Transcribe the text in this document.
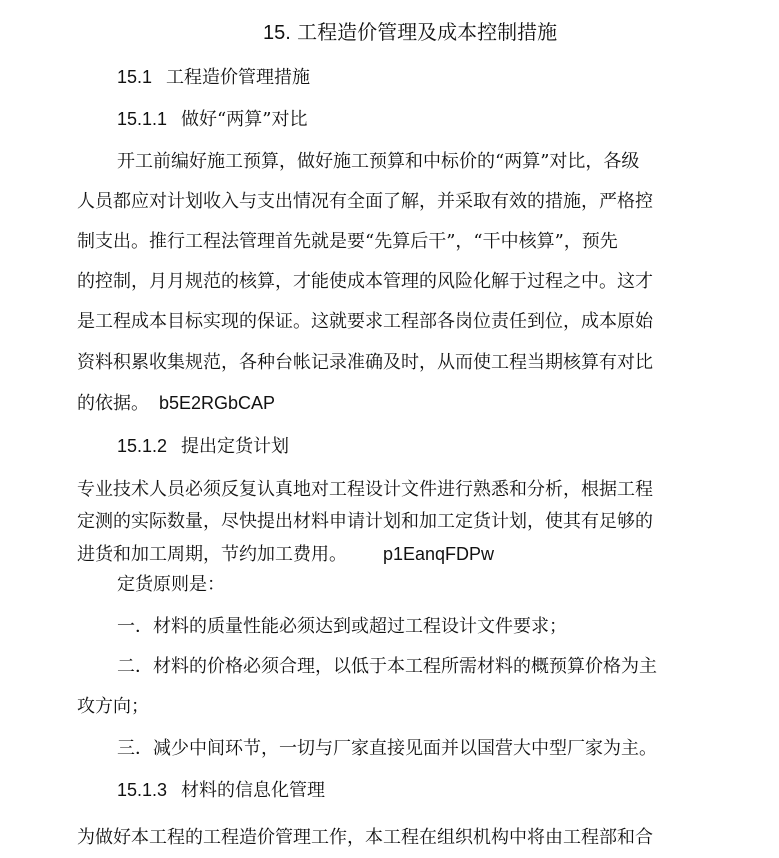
15. 工程造价管理及成本控制措施
15.1 工程造价管理措施
15.1.1 做好“两算”对比
开工前编好施工预算，做好施工预算和中标价的“两算”对比，各级
人员都应对计划收入与支出情况有全面了解，并采取有效的措施，严格控
制支出。推行工程法管理首先就是要“先算后干”，“干中核算”，预先
的控制，月月规范的核算，才能使成本管理的风险化解于过程之中。这才
是工程成本目标实现的保证。这就要求工程部各岗位责任到位，成本原始
资料积累收集规范，各种台帐记录准确及时，从而使工程当期核算有对比
的依据。 b5E2RGbCAP
15.1.2 提出定货计划
专业技术人员必须反复认真地对工程设计文件进行熟悉和分析，根据工程
定测的实际数量，尽快提出材料申请计划和加工定货计划，使其有足够的
进货和加工周期，节约加工费用。 p1EanqFDPw
定货原则是：
一．材料的质量性能必须达到或超过工程设计文件要求；
二．材料的价格必须合理，以低于本工程所需材料的概预算价格为主
攻方向；
三．减少中间环节，一切与厂家直接见面并以国营大中型厂家为主。
15.1.3 材料的信息化管理
为做好本工程的工程造价管理工作，本工程在组织机构中将由工程部和合
